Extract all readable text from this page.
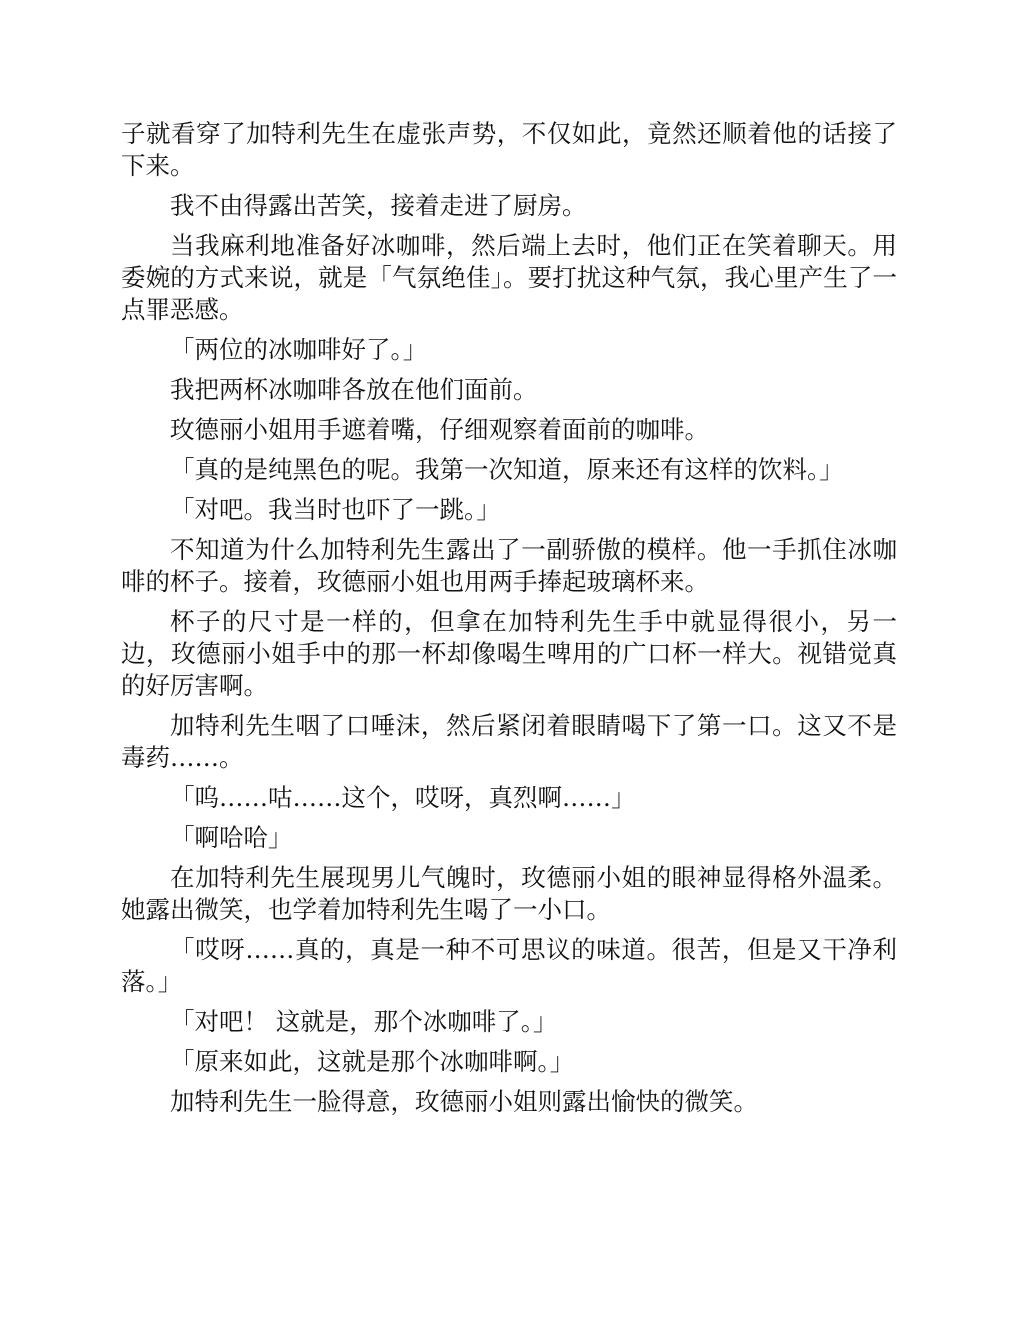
子就看穿了加特利先生在虚张声势，不仅如此，竟然还顺着他的话接了下来。

我不由得露出苦笑，接着走进了厨房。

当我麻利地准备好冰咖啡，然后端上去时，他们正在笑着聊天。用委婉的方式来说，就是「气氛绝佳」。要打扰这种气氛，我心里产生了一点罪恶感。

「两位的冰咖啡好了。」

我把两杯冰咖啡各放在他们面前。

玫德丽小姐用手遮着嘴，仔细观察着面前的咖啡。

「真的是纯黑色的呢。我第一次知道，原来还有这样的饮料。」

「对吧。我当时也吓了一跳。」

不知道为什么加特利先生露出了一副骄傲的模样。他一手抓住冰咖啡的杯子。接着，玫德丽小姐也用两手捧起玻璃杯来。

杯子的尺寸是一样的，但拿在加特利先生手中就显得很小，另一边，玫德丽小姐手中的那一杯却像喝生啤用的广口杯一样大。视错觉真的好厉害啊。

加特利先生咽了口唾沫，然后紧闭着眼睛喝下了第一口。这又不是毒药……。

「呜……咕……这个，哎呀，真烈啊……」

「啊哈哈」

在加特利先生展现男儿气魄时，玫德丽小姐的眼神显得格外温柔。她露出微笑，也学着加特利先生喝了一小口。

「哎呀……真的，真是一种不可思议的味道。很苦，但是又干净利落。」

「对吧！ 这就是，那个冰咖啡了。」

「原来如此，这就是那个冰咖啡啊。」

加特利先生一脸得意，玫德丽小姐则露出愉快的微笑。
